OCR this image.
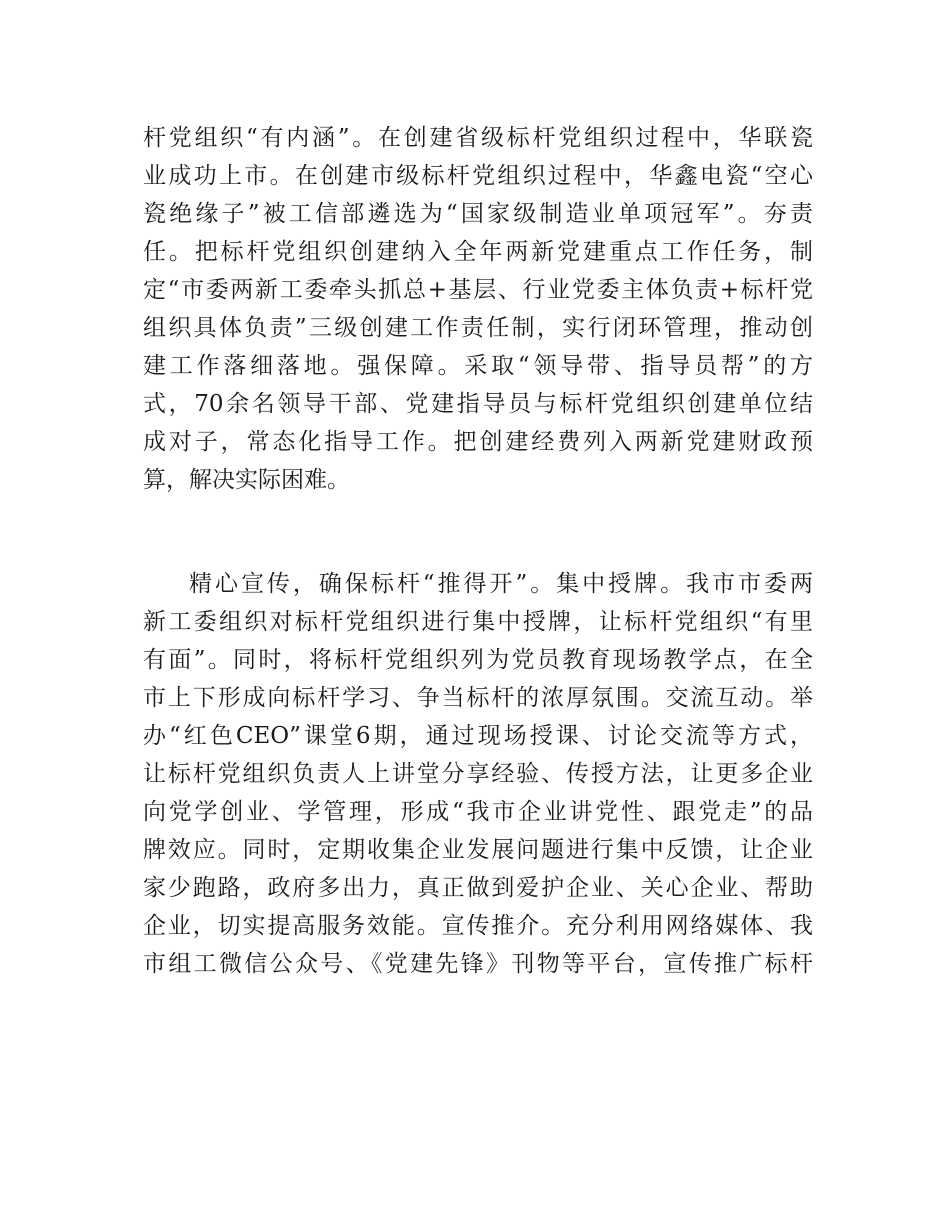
杆党组织“有内涵”。在创建省级标杆党组织过程中，华联瓷
业成功上市。在创建市级标杆党组织过程中，华鑫电瓷“空心
瓷绝缘子”被工信部遴选为“国家级制造业单项冠军”。夯责
任。把标杆党组织创建纳入全年两新党建重点工作任务，制
定“市委两新工委牵头抓总+基层、行业党委主体负责+标杆党
组织具体负责”三级创建工作责任制，实行闭环管理，推动创
建工作落细落地。强保障。采取“领导带、指导员帮”的方
式，70余名领导干部、党建指导员与标杆党组织创建单位结
成对子，常态化指导工作。把创建经费列入两新党建财政预
算，解决实际困难。
精心宣传，确保标杆“推得开”。集中授牌。我市市委两
新工委组织对标杆党组织进行集中授牌，让标杆党组织“有里
有面”。同时，将标杆党组织列为党员教育现场教学点，在全
市上下形成向标杆学习、争当标杆的浓厚氛围。交流互动。举
办“红色CEO”课堂6期，通过现场授课、讨论交流等方式，
让标杆党组织负责人上讲堂分享经验、传授方法，让更多企业
向党学创业、学管理，形成“我市企业讲党性、跟党走”的品
牌效应。同时，定期收集企业发展问题进行集中反馈，让企业
家少跑路，政府多出力，真正做到爱护企业、关心企业、帮助
企业，切实提高服务效能。宣传推介。充分利用网络媒体、我
市组工微信公众号、《党建先锋》刊物等平台，宣传推广标杆
